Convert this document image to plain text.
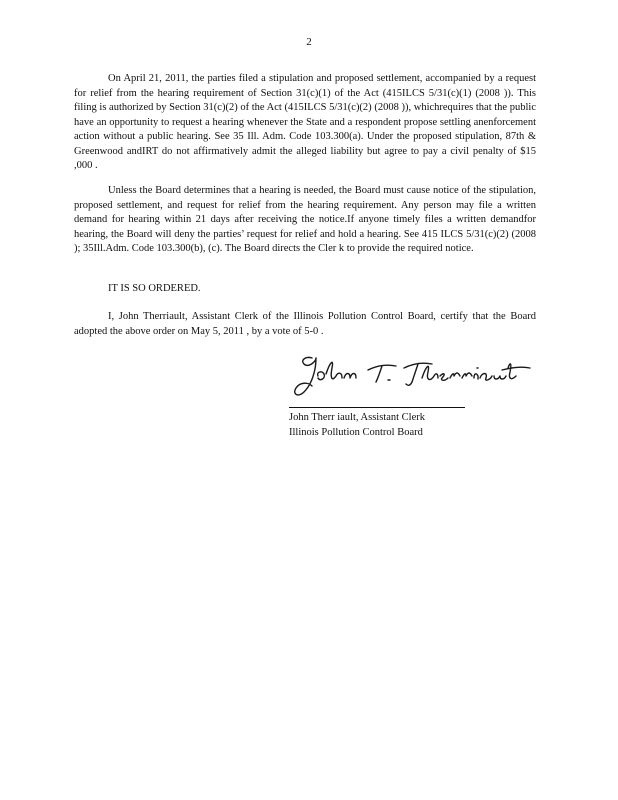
2

On April 21, 2011, the parties filed a stipulation and proposed settlement, accompanied by a request for relief from the hearing requirement of Section 31(c)(1) of the Act (415ILCS 5/31(c)(1) (2008 )). This filing is authorized by Section 31(c)(2) of the Act (415ILCS 5/31(c)(2) (2008 )), whichrequires that the public have an opportunity to request a hearing whenever the State and a respondent propose settling anenforcement action without a public hearing. See 35 Ill. Adm. Code 103.300(a). Under the proposed stipulation, 87th & Greenwood andIRT do not affirmatively admit the alleged liability but agree to pay a civil penalty of $15 ,000 .

Unless the Board determines that a hearing is needed, the Board must cause notice of the stipulation, proposed settlement, and request for relief from the hearing requirement. Any person may file a written demand for hearing within 21 days after receiving the notice.If anyone timely files a written demandfor hearing, the Board will deny the parties’ request for relief and hold a hearing. See 415 ILCS 5/31(c)(2) (2008 ); 35Ill.Adm. Code 103.300(b), (c). The Board directs the Cler k to provide the required notice.

IT IS SO ORDERED.

I, John Therriault, Assistant Clerk of the Illinois Pollution Control Board, certify that the Board adopted the above order on May 5, 2011 , by a vote of 5-0 .

John Therr iault, Assistant Clerk
Illinois Pollution Control Board
